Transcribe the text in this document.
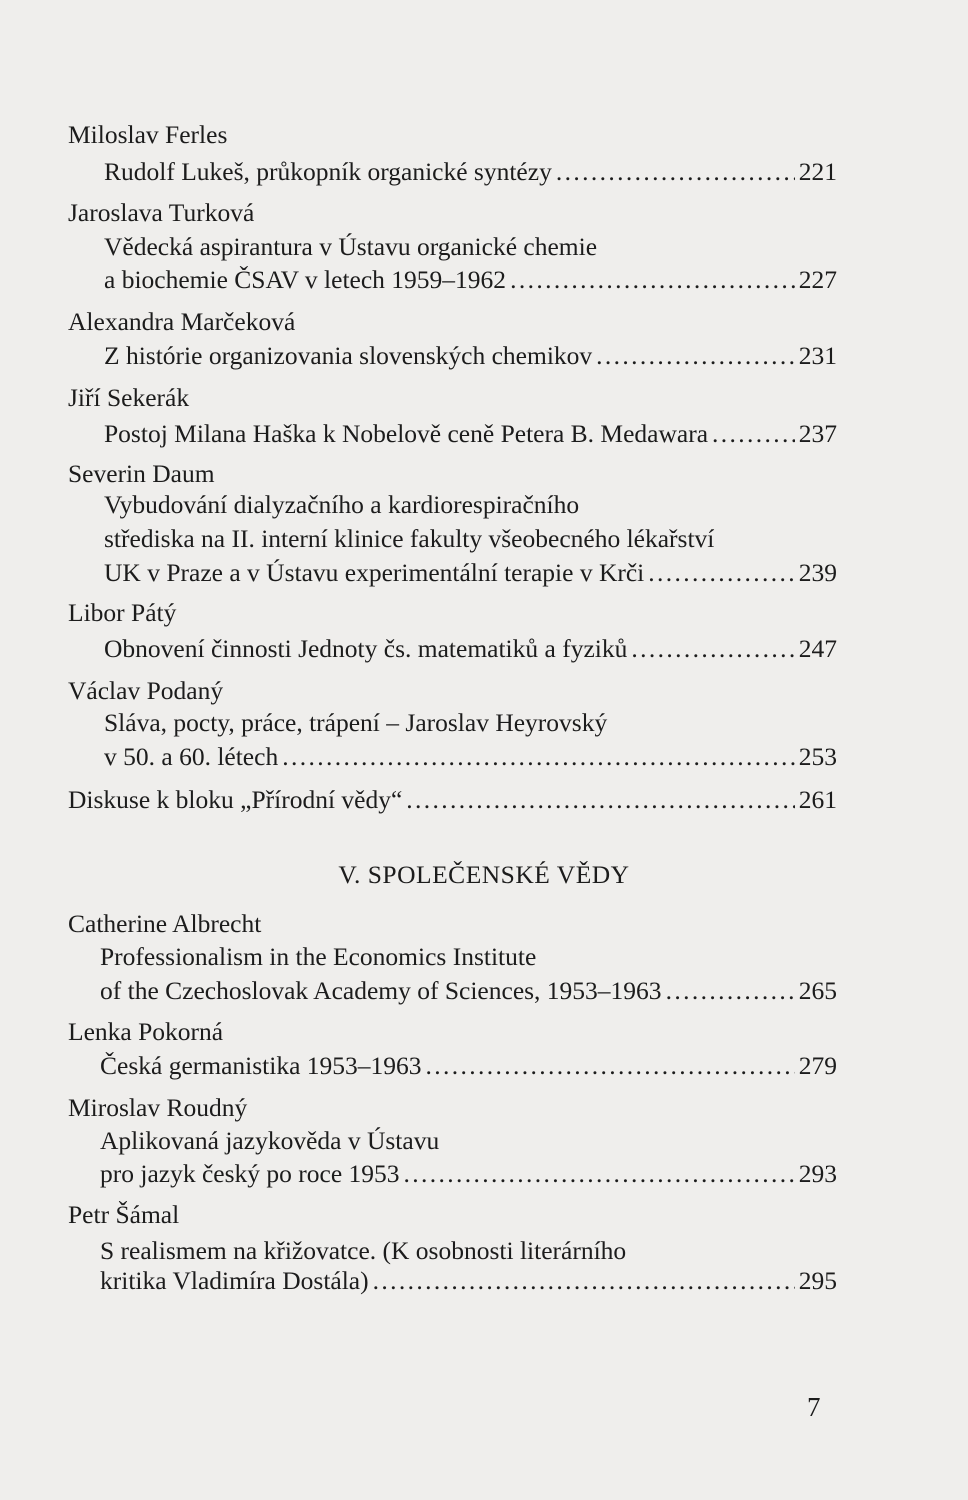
Miloslav Ferles
Rudolf Lukeš, průkopník organické syntézy . . .	221
Jaroslava Turková
Vědecká aspirantura v Ústavu organické chemie
a biochemie ČSAV v letech 1959–1962 . . .	227
Alexandra Marčeková
Z histórie organizovania slovenských chemikov . . .	231
Jiří Sekerák
Postoj Milana Haška k Nobelově ceně Petera B. Medawara . . .	237
Severin Daum
Vybudování dialyzačního a kardiorespiračního
střediska na II. interní klinice fakulty všeobecného lékařství
UK v Praze a v Ústavu experimentální terapie v Krči . . .	239
Libor Pátý
Obnovení činnosti Jednoty čs. matematiků a fyziků . . .	247
Václav Podaný
Sláva, pocty, práce, trápení – Jaroslav Heyrovský
v 50. a 60. létech . . .	253
Diskuse k bloku „Přírodní vědy“ . . .	261
V. SPOLEČENSKÉ VĚDY
Catherine Albrecht
Professionalism in the Economics Institute
of the Czechoslovak Academy of Sciences, 1953–1963 . . .	265
Lenka Pokorná
Česká germanistika 1953–1963 . . .	279
Miroslav Roudný
Aplikovaná jazykověda v Ústavu
pro jazyk český po roce 1953 . . .	293
Petr Šámal
S realismem na křižovatce. (K osobnosti literárního
kritika Vladimíra Dostála) . . .	295
7
